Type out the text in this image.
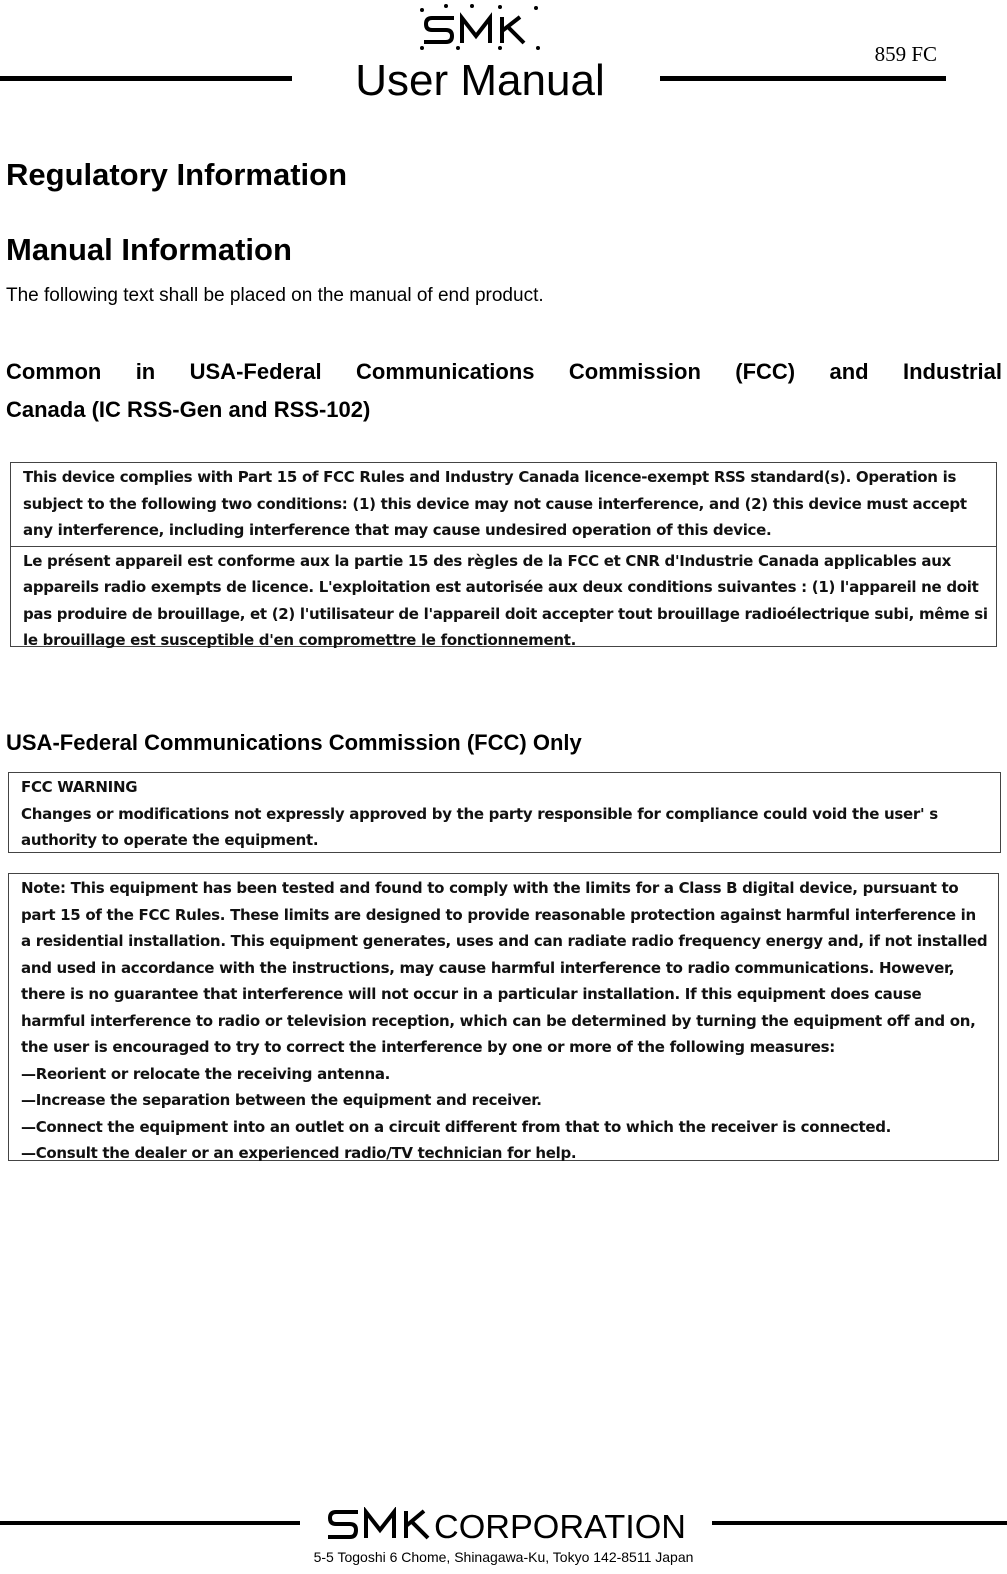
859 FC
User Manual
Regulatory Information
Manual Information
The following text shall be placed on the manual of end product.
Common in USA-Federal Communications Commission (FCC) and Industrial
Canada (IC RSS-Gen and RSS-102)
This device complies with Part 15 of FCC Rules and Industry Canada licence-exempt RSS standard(s). Operation is
subject to the following two conditions: (1) this device may not cause interference, and (2) this device must accept
any interference, including interference that may cause undesired operation of this device.
Le présent appareil est conforme aux la partie 15 des règles de la FCC et CNR d'Industrie Canada applicables aux
appareils radio exempts de licence. L'exploitation est autorisée aux deux conditions suivantes : (1) l'appareil ne doit
pas produire de brouillage, et (2) l'utilisateur de l'appareil doit accepter tout brouillage radioélectrique subi, même si
le brouillage est susceptible d'en compromettre le fonctionnement.
USA-Federal Communications Commission (FCC) Only
FCC WARNING
Changes or modifications not expressly approved by the party responsible for compliance could void the user' s
authority to operate the equipment.
Note: This equipment has been tested and found to comply with the limits for a Class B digital device, pursuant to
part 15 of the FCC Rules. These limits are designed to provide reasonable protection against harmful interference in
a residential installation. This equipment generates, uses and can radiate radio frequency energy and, if not installed
and used in accordance with the instructions, may cause harmful interference to radio communications. However,
there is no guarantee that interference will not occur in a particular installation. If this equipment does cause
harmful interference to radio or television reception, which can be determined by turning the equipment off and on,
the user is encouraged to try to correct the interference by one or more of the following measures:
—Reorient or relocate the receiving antenna.
—Increase the separation between the equipment and receiver.
—Connect the equipment into an outlet on a circuit different from that to which the receiver is connected.
—Consult the dealer or an experienced radio/TV technician for help.
CORPORATION
5-5 Togoshi 6 Chome, Shinagawa-Ku, Tokyo 142-8511 Japan
